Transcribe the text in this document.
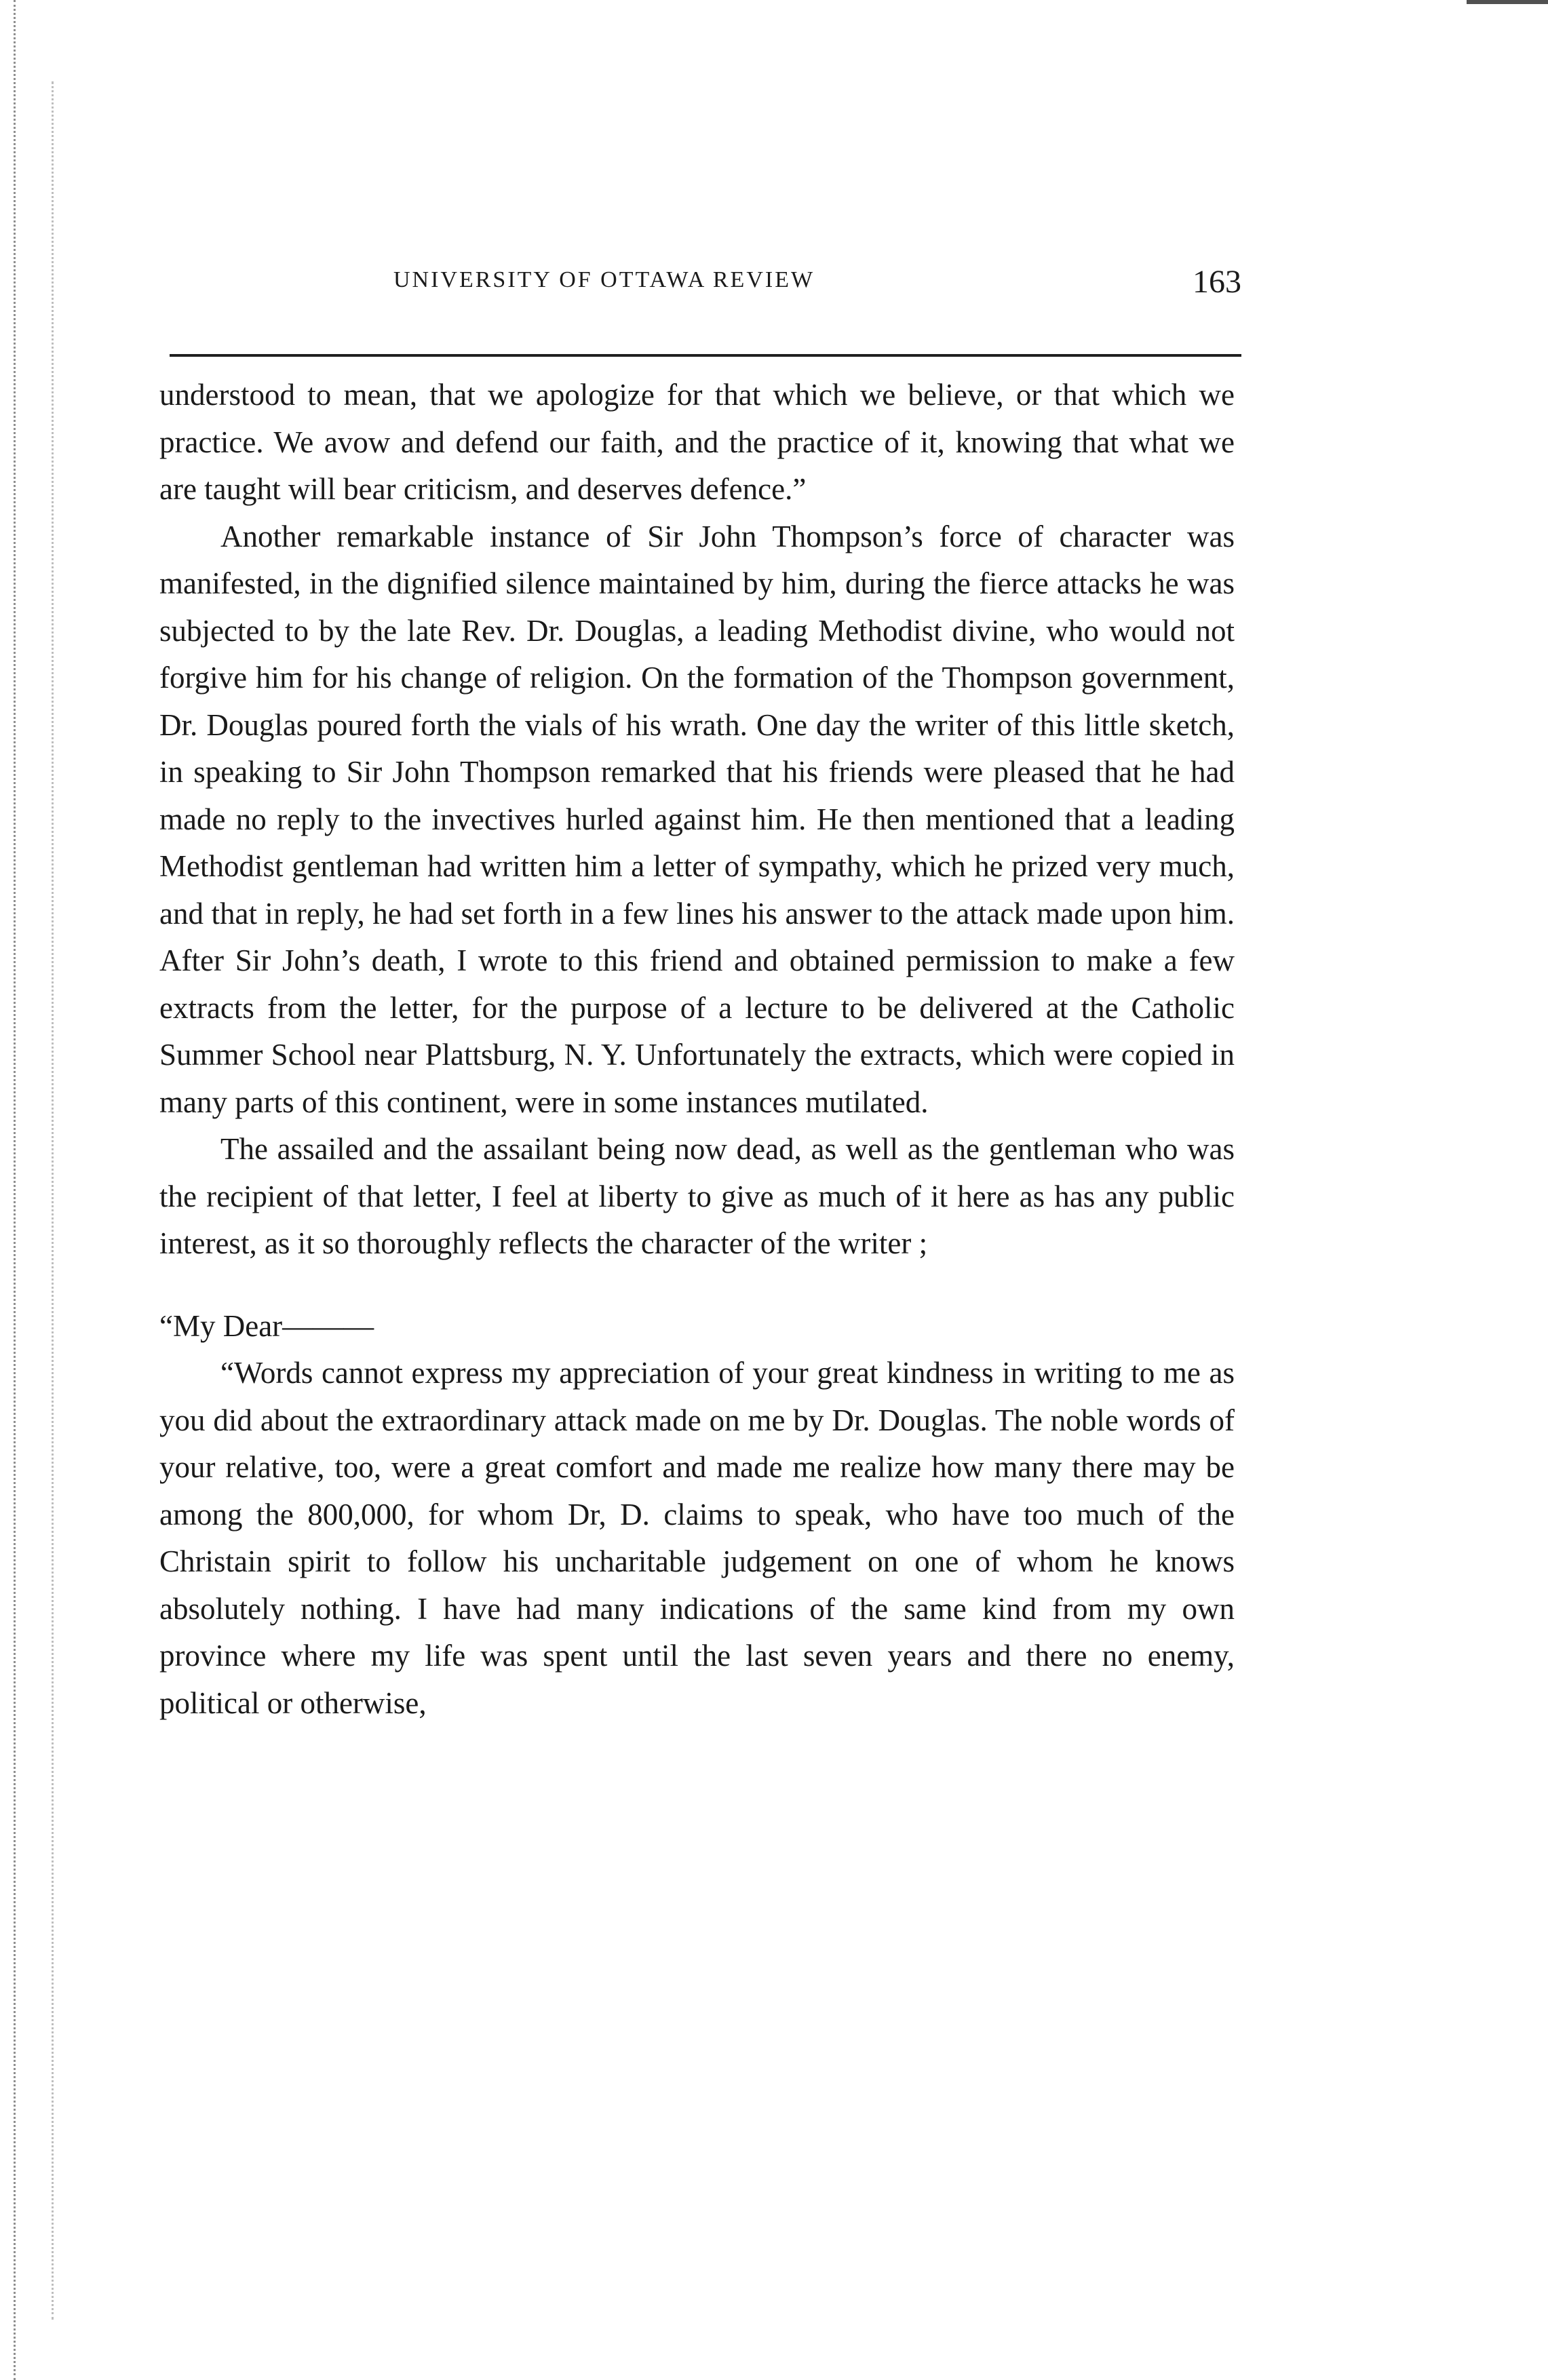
UNIVERSITY OF OTTAWA REVIEW	163

understood to mean, that we apologize for that which we believe, or that which we practice. We avow and defend our faith, and the practice of it, knowing that what we are taught will bear criticism, and deserves defence.”

Another remarkable instance of Sir John Thompson’s force of character was manifested, in the dignified silence maintained by him, during the fierce attacks he was subjected to by the late Rev. Dr. Douglas, a leading Methodist divine, who would not forgive him for his change of religion. On the formation of the Thompson government, Dr. Douglas poured forth the vials of his wrath. One day the writer of this little sketch, in speaking to Sir John Thompson remarked that his friends were pleased that he had made no reply to the invectives hurled against him. He then mentioned that a leading Methodist gentleman had written him a letter of sympathy, which he prized very much, and that in reply, he had set forth in a few lines his answer to the attack made upon him. After Sir John’s death, I wrote to this friend and obtained permission to make a few extracts from the letter, for the purpose of a lecture to be delivered at the Catholic Summer School near Plattsburg, N. Y. Unfortunately the extracts, which were copied in many parts of this continent, were in some instances mutilated.

The assailed and the assailant being now dead, as well as the gentleman who was the recipient of that letter, I feel at liberty to give as much of it here as has any public interest, as it so thoroughly reflects the character of the writer ;

“My Dear———

“Words cannot express my appreciation of your great kindness in writing to me as you did about the extraordinary attack made on me by Dr. Douglas. The noble words of your relative, too, were a great comfort and made me realize how many there may be among the 800,000, for whom Dr, D. claims to speak, who have too much of the Christain spirit to follow his uncharitable judgement on one of whom he knows absolutely nothing. I have had many indications of the same kind from my own province where my life was spent until the last seven years and there no enemy, political or otherwise,
